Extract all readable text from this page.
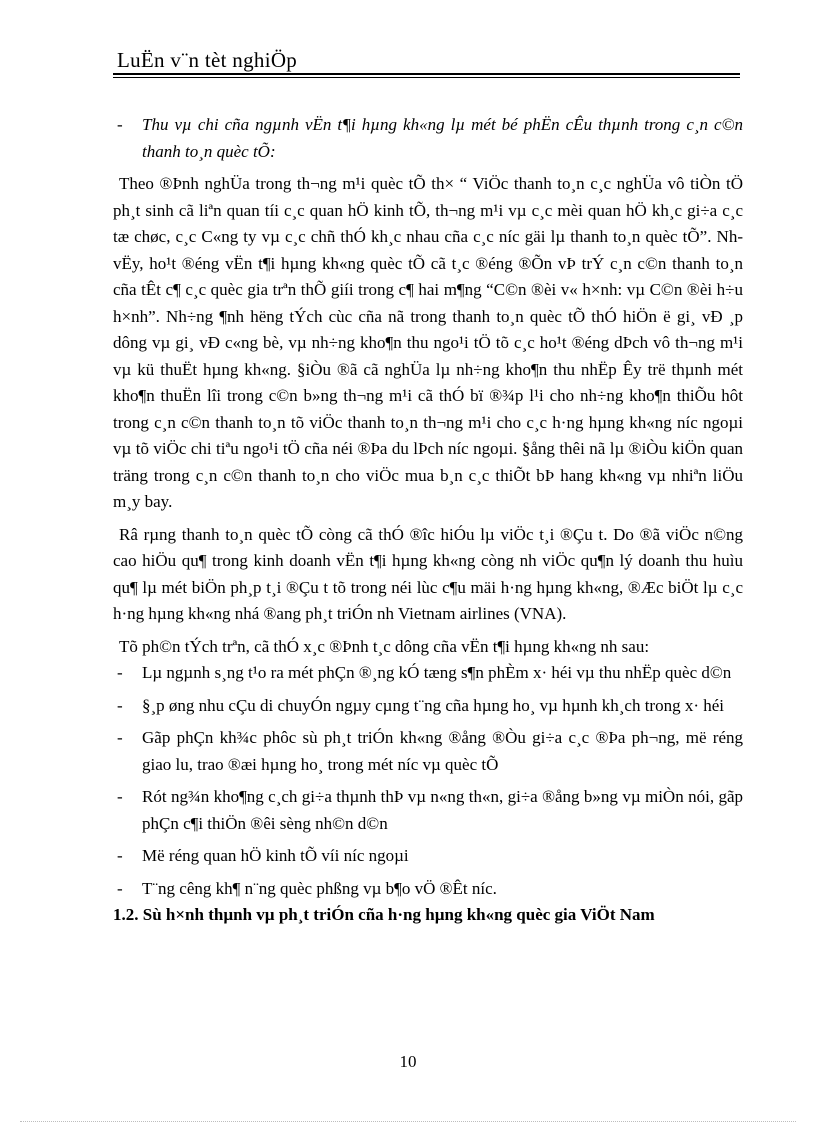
LuËn v¨n tèt nghiÖp
- Thu vµ chi cña ngµnh vËn t¶i hµng kh«ng lµ mét bé phËn cÊu thµnh trong c¸n c©n thanh to¸n quèc tÕ:
Theo ®Þnh nghÜa trong th¬ng m¹i quèc tÕ th× “ ViÖc thanh to¸n c¸c nghÜa vô tiÒn tÖ ph¸t sinh cã liªn quan tíi c¸c quan hÖ kinh tÕ, th¬ng m¹i vµ c¸c mèi quan hÖ kh¸c gi÷a c¸c tæ chøc, c¸c C«ng ty vµ c¸c chñ thÓ kh¸c nhau cña c¸c níc gäi lµ thanh to¸n quèc tÕ”. Nh vËy, ho¹t ®éng vËn t¶i hµng kh«ng quèc tÕ cã t¸c ®éng ®Õn vÞ trÝ c¸n c©n thanh to¸n cña tÊt c¶ c¸c quèc gia trªn thÕ giíi trong c¶ hai m¶ng “C©n ®èi v« h×nh: vµ C©n ®èi h÷u h×nh”. Nh÷ng ¶nh hëng tÝch cùc cña nã trong thanh to¸n quèc tÕ thÓ hiÖn ë gi¸ vÐ ¸p dông vµ gi¸ vÐ c«ng bè, vµ nh÷ng kho¶n thu ngo¹i tÖ tõ c¸c ho¹t ®éng dÞch vô th¬ng m¹i vµ kü thuËt hµng kh«ng. §iÒu ®ã cã nghÜa lµ nh÷ng kho¶n thu nhËp Êy trë thµnh mét kho¶n thuËn lîi trong c©n b»ng th¬ng m¹i cã thÓ bï ®¾p l¹i cho nh÷ng kho¶n thiÕu hôt trong c¸n c©n thanh to¸n tõ viÖc thanh to¸n th¬ng m¹i cho c¸c h·ng hµng kh«ng níc ngoµi vµ tõ viÖc chi tiªu ngo¹i tÖ cña néi ®Þa du lÞch níc ngoµi. §ång thêi nã lµ ®iÒu kiÖn quan träng trong c¸n c©n thanh to¸n cho viÖc mua b¸n c¸c thiÕt bÞ hang kh«ng vµ nhiªn liÖu m¸y bay.
Râ rµng thanh to¸n quèc tÕ còng cã thÓ ®îc hiÓu lµ viÖc t¸i ®Çu t. Do ®ã viÖc n©ng cao hiÖu qu¶ trong kinh doanh vËn t¶i hµng kh«ng còng nh viÖc qu¶n lý doanh thu huìu qu¶ lµ mét biÖn ph¸p t¸i ®Çu t tõ trong néi lùc c¶u mäi h·ng hµng kh«ng, ®Æc biÖt lµ c¸c h·ng hµng kh«ng nhá ®ang ph¸t triÓn nh Vietnam airlines (VNA).
Tõ ph©n tÝch trªn, cã thÓ x¸c ®Þnh t¸c dông cña vËn t¶i hµng kh«ng nh sau:
- Lµ ngµnh s¸ng t¹o ra mét phÇn ®¸ng kÓ tæng s¶n phÈm x· héi vµ thu nhËp quèc d©n
- §¸p øng nhu cÇu di chuyÓn ngµy cµng t¨ng cña hµng ho¸ vµ hµnh kh¸ch trong x· héi
- Gãp phÇn kh¾c phôc sù ph¸t triÓn kh«ng ®ång ®Òu gi÷a c¸c ®Þa ph¬ng, më réng giao lu, trao ®æi hµng ho¸ trong mét níc vµ quèc tÕ
- Rót ng¾n kho¶ng c¸ch gi÷a thµnh thÞ vµ n«ng th«n, gi÷a ®ång b»ng vµ miÒn nói, gãp phÇn c¶i thiÖn ®êi sèng nh©n d©n
- Më réng quan hÖ kinh tÕ víi níc ngoµi
- T¨ng cêng kh¶ n¨ng quèc phßng vµ b¶o vÖ ®Êt níc.
1.2. Sù h×nh thµnh vµ ph¸t triÓn cña h·ng hµng kh«ng quèc gia ViÖt Nam
10
